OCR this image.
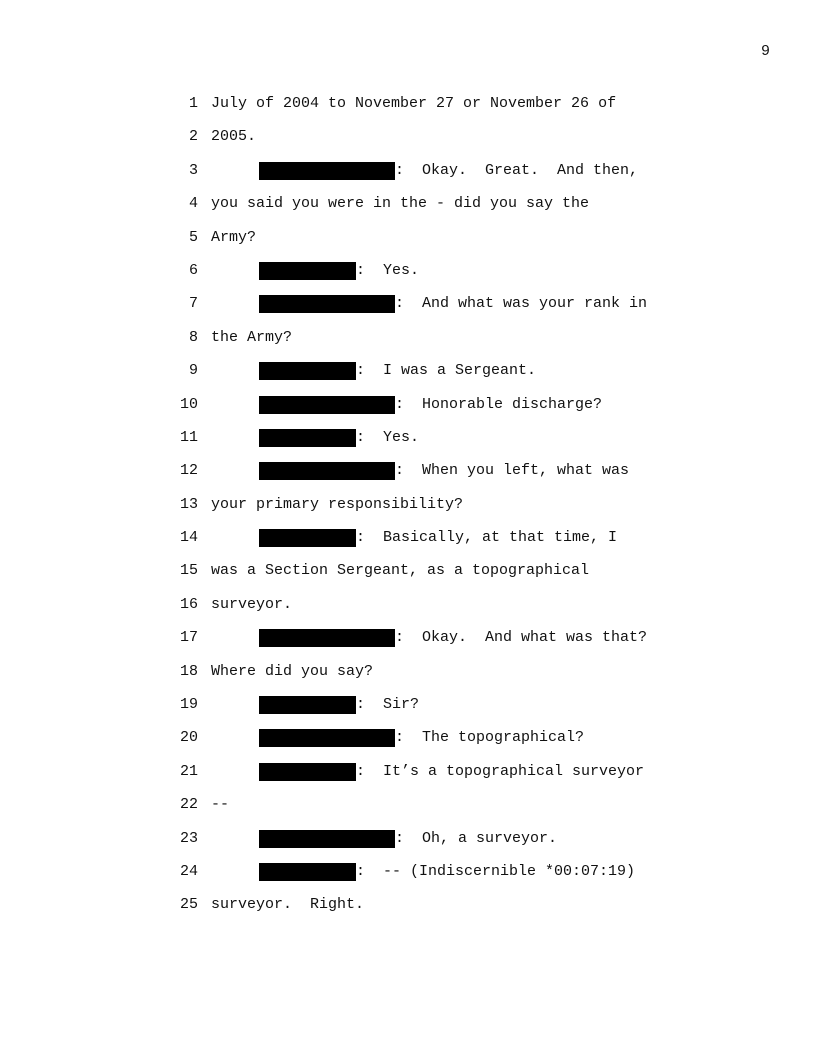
9
1 July of 2004 to November 27 or November 26 of
2 2005.
3	:  Okay.  Great.  And then,
4 you said you were in the - did you say the
5 Army?
6	:  Yes.
7	:  And what was your rank in
8 the Army?
9	:  I was a Sergeant.
10	:  Honorable discharge?
11	:  Yes.
12	:  When you left, what was
13 your primary responsibility?
14	:  Basically, at that time, I
15 was a Section Sergeant, as a topographical
16 surveyor.
17	:  Okay.  And what was that?
18 Where did you say?
19	:  Sir?
20	:  The topographical?
21	:  It’s a topographical surveyor
22 --
23	:  Oh, a surveyor.
24	:  -- (Indiscernible *00:07:19)
25 surveyor.  Right.
